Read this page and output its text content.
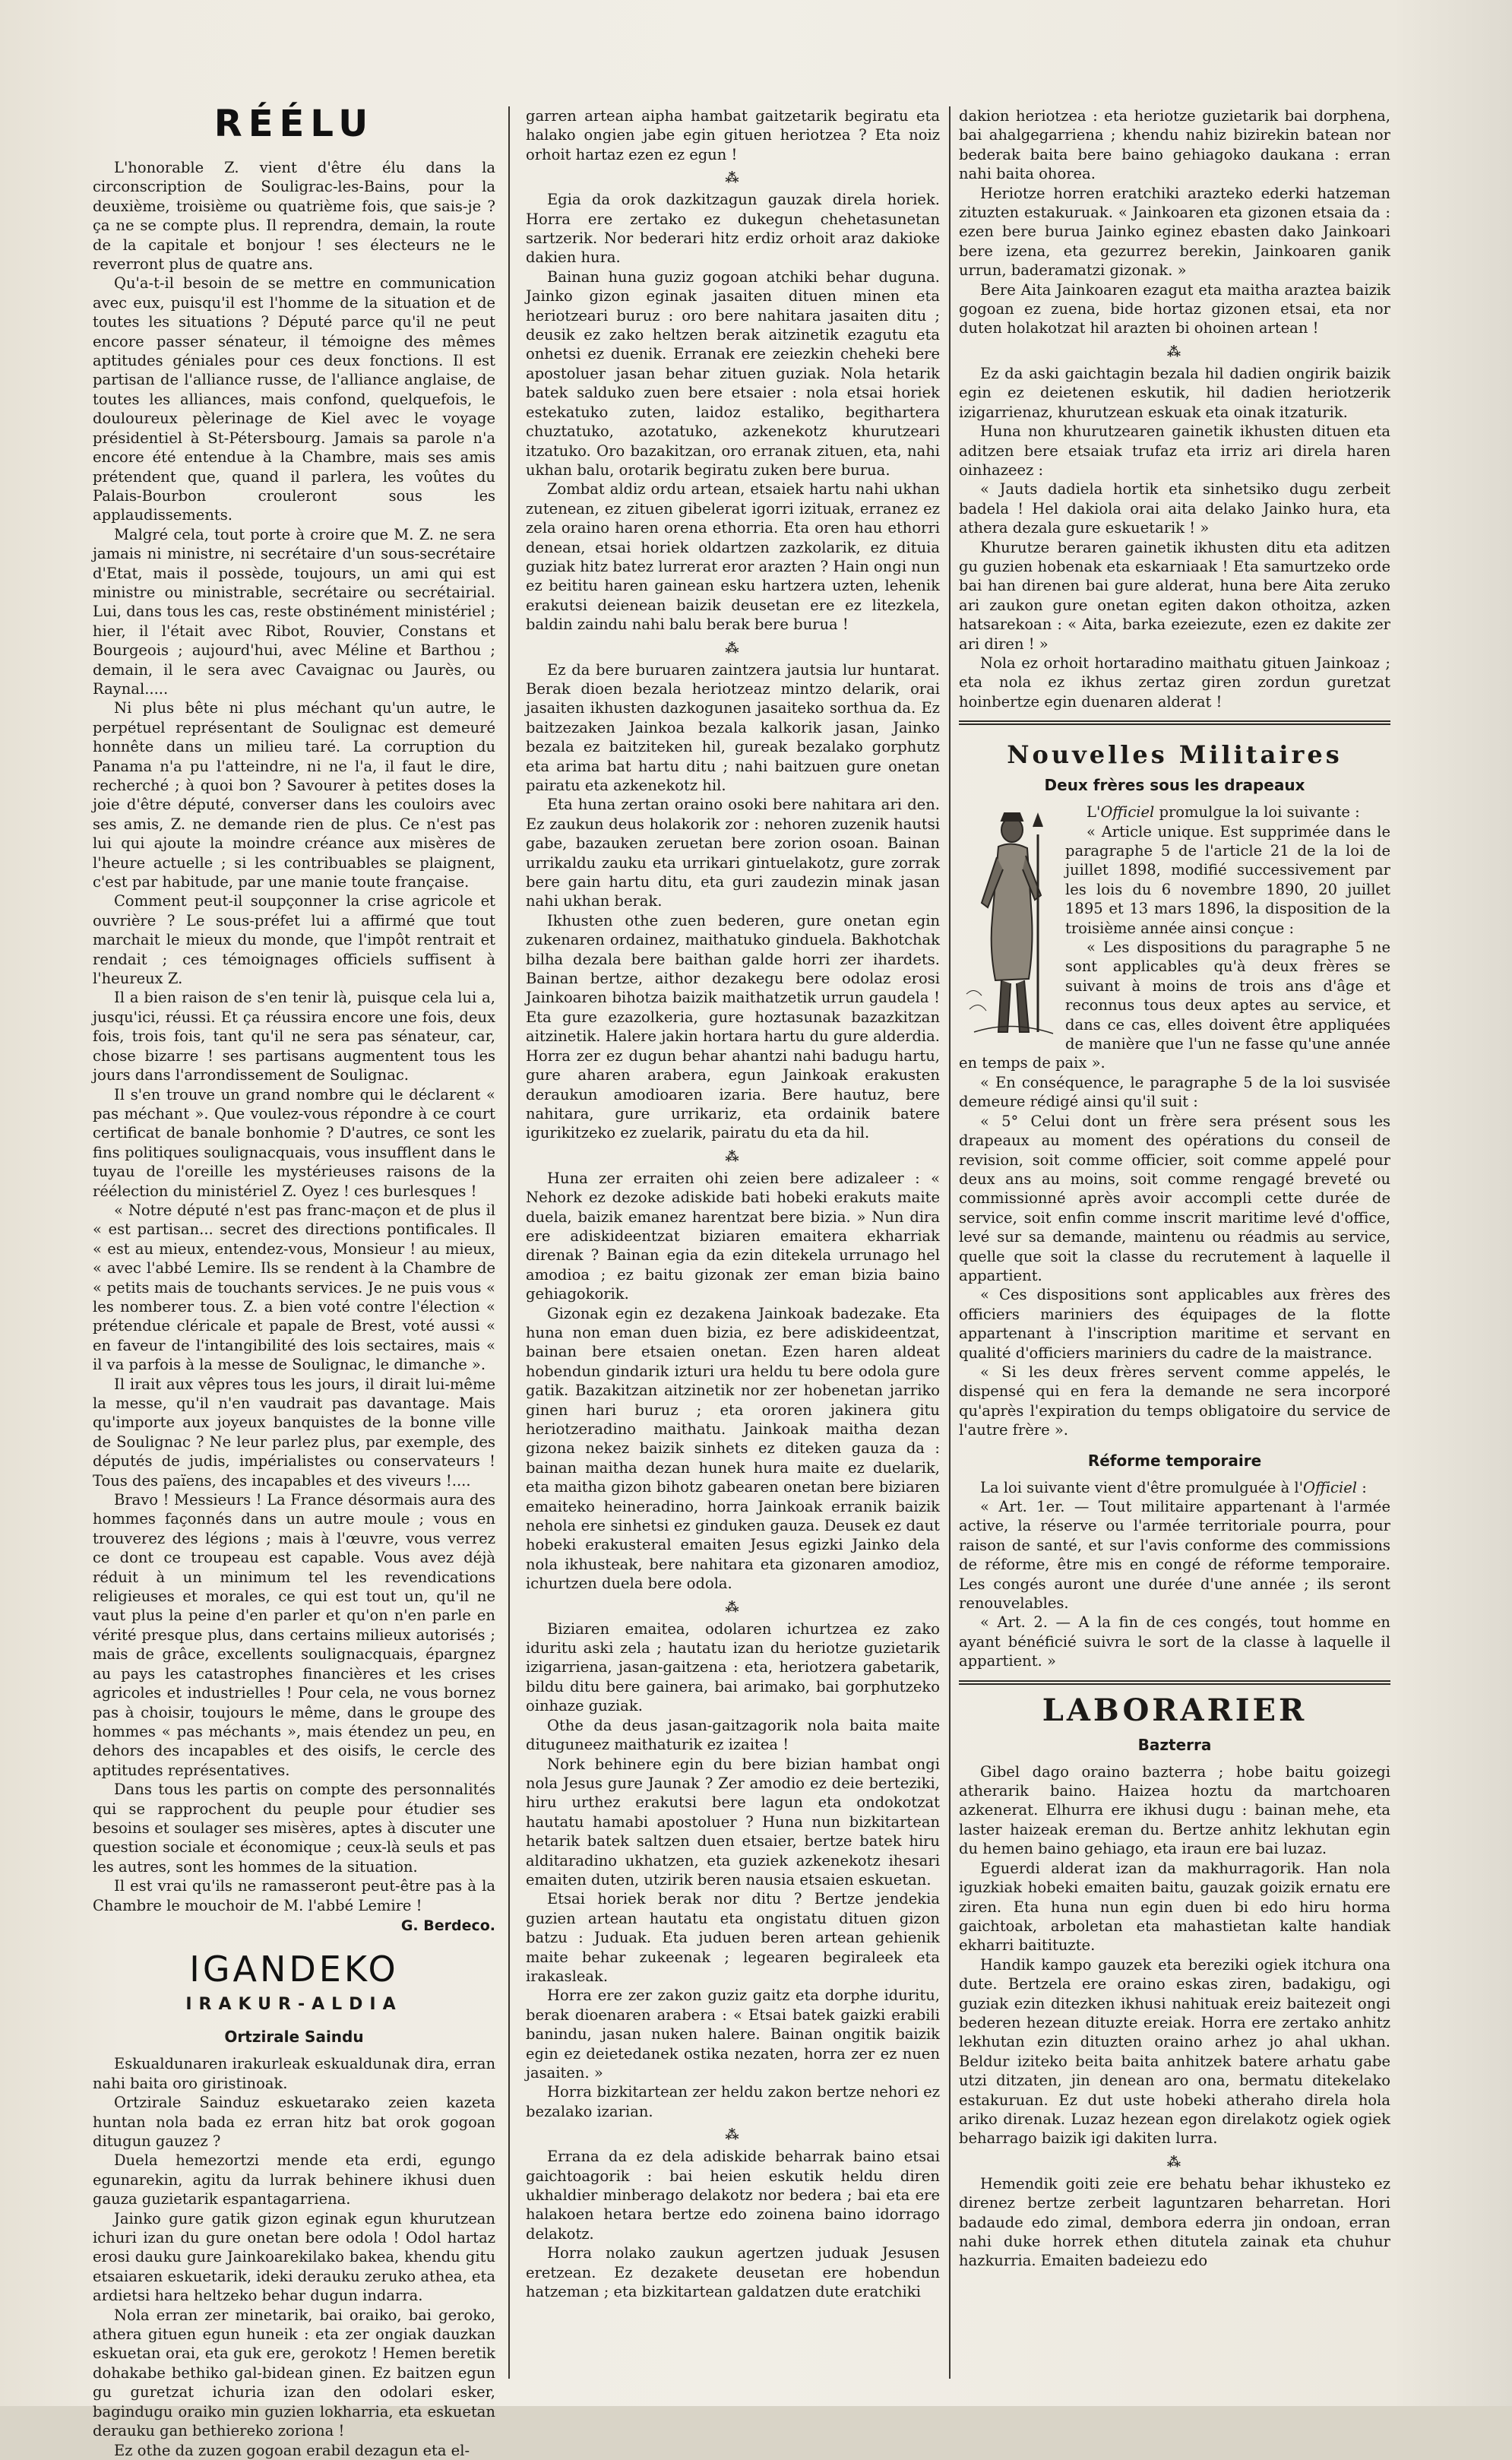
RÉÉLU

L'honorable Z. vient d'être élu dans la circonscription de Souligrac-les-Bains, pour la deuxième, troisième ou quatrième fois, que sais-je ? ça ne se compte plus. Il reprendra, demain, la route de la capitale et bonjour ! ses électeurs ne le reverront plus de quatre ans.

Qu'a-t-il besoin de se mettre en communication avec eux, puisqu'il est l'homme de la situation et de toutes les situations ? Député parce qu'il ne peut encore passer sénateur, il témoigne des mêmes aptitudes géniales pour ces deux fonctions. Il est partisan de l'alliance russe, de l'alliance anglaise, de toutes les alliances, mais confond, quelquefois, le douloureux pèlerinage de Kiel avec le voyage présidentiel à St-Pétersbourg. Jamais sa parole n'a encore été entendue à la Chambre, mais ses amis prétendent que, quand il parlera, les voûtes du Palais-Bourbon crouleront sous les applaudissements.

Malgré cela, tout porte à croire que M. Z. ne sera jamais ni ministre, ni secrétaire d'un sous-secrétaire d'Etat, mais il possède, toujours, un ami qui est ministre ou ministrable, secrétaire ou secrétairial. Lui, dans tous les cas, reste obstinément ministériel ; hier, il l'était avec Ribot, Rouvier, Constans et Bourgeois ; aujourd'hui, avec Méline et Barthou ; demain, il le sera avec Cavaignac ou Jaurès, ou Raynal.....

Ni plus bête ni plus méchant qu'un autre, le perpétuel représentant de Soulignac est demeuré honnête dans un milieu taré. La corruption du Panama n'a pu l'atteindre, ni ne l'a, il faut le dire, recherché ; à quoi bon ? Savourer à petites doses la joie d'être député, converser dans les couloirs avec ses amis, Z. ne demande rien de plus. Ce n'est pas lui qui ajoute la moindre créance aux misères de l'heure actuelle ; si les contribuables se plaignent, c'est par habitude, par une manie toute française.

Comment peut-il soupçonner la crise agricole et ouvrière ? Le sous-préfet lui a affirmé que tout marchait le mieux du monde, que l'impôt rentrait et rendait ; ces témoignages officiels suffisent à l'heureux Z.

Il a bien raison de s'en tenir là, puisque cela lui a, jusqu'ici, réussi. Et ça réussira encore une fois, deux fois, trois fois, tant qu'il ne sera pas sénateur, car, chose bizarre ! ses partisans augmentent tous les jours dans l'arrondissement de Soulignac.

Il s'en trouve un grand nombre qui le déclarent « pas méchant ». Que voulez-vous répondre à ce court certificat de banale bonhomie ? D'autres, ce sont les fins politiques soulignacquais, vous insufflent dans le tuyau de l'oreille les mystérieuses raisons de la réélection du ministériel Z. Oyez ! ces burlesques !

« Notre député n'est pas franc-maçon et de plus il « est partisan... secret des directions pontificales. Il « est au mieux, entendez-vous, Monsieur ! au mieux, « avec l'abbé Lemire. Ils se rendent à la Chambre de « petits mais de touchants services. Je ne puis vous « les nomberer tous. Z. a bien voté contre l'élection « prétendue cléricale et papale de Brest, voté aussi « en faveur de l'intangibilité des lois sectaires, mais « il va parfois à la messe de Soulignac, le dimanche ».

Il irait aux vêpres tous les jours, il dirait lui-même la messe, qu'il n'en vaudrait pas davantage. Mais qu'importe aux joyeux banquistes de la bonne ville de Soulignac ? Ne leur parlez plus, par exemple, des députés de judis, impérialistes ou conservateurs ! Tous des païens, des incapables et des viveurs !....

Bravo ! Messieurs ! La France désormais aura des hommes façonnés dans un autre moule ; vous en trouverez des légions ; mais à l'œuvre, vous verrez ce dont ce troupeau est capable. Vous avez déjà réduit à un minimum tel les revendications religieuses et morales, ce qui est tout un, qu'il ne vaut plus la peine d'en parler et qu'on n'en parle en vérité presque plus, dans certains milieux autorisés ; mais de grâce, excellents soulignacquais, épargnez au pays les catastrophes financières et les crises agricoles et industrielles ! Pour cela, ne vous bornez pas à choisir, toujours le même, dans le groupe des hommes « pas méchants », mais étendez un peu, en dehors des incapables et des oisifs, le cercle des aptitudes représentatives.

Dans tous les partis on compte des personnalités qui se rapprochent du peuple pour étudier ses besoins et soulager ses misères, aptes à discuter une question sociale et économique ; ceux-là seuls et pas les autres, sont les hommes de la situation.

Il est vrai qu'ils ne ramasseront peut-être pas à la Chambre le mouchoir de M. l'abbé Lemire !

G. Berdeco.
IGANDEKO
IRAKUR-ALDIA
Ortzirale Saindu

Eskualdunaren irakurleak eskualdunak dira, erran nahi baita oro giristinoak.

Ortzirale Sainduz eskuetarako zeien kazeta huntan nola bada ez erran hitz bat orok gogoan ditugun gauzez ?

Duela hemezortzi mende eta erdi, egungo egunarekin, agitu da lurrak behinere ikhusi duen gauza guzietarik espantagarriena.

Jainko gure gatik gizon eginak egun khurutzean ichuri izan du gure onetan bere odola ! Odol hartaz erosi dauku gure Jainkoarekilako bakea, khendu gitu etsaiaren eskuetarik, ideki derauku zeruko athea, eta ardietsi hara heltzeko behar dugun indarra.

Nola erran zer minetarik, bai oraiko, bai geroko, athera gituen egun huneik : eta zer ongiak dauzkan eskuetan orai, eta guk ere, gerokotz ! Hemen beretik dohakabe bethiko gal-bidean ginen. Ez baitzen egun gu guretzat ichuria izan den odolari esker, bagindugu oraiko min guzien lokharria, eta eskuetan derauku gan bethiereko zoriona !

Ez othe da zuzen gogoan erabil dezagun eta el-

garren artean aipha hambat gaitzetarik begiratu eta halako ongien jabe egin gituen heriotzea ? Eta noiz orhoit hartaz ezen ez egun !

⁂

Egia da orok dazkitzagun gauzak direla horiek. Horra ere zertako ez dukegun chehetasunetan sartzerik. Nor bederari hitz erdiz orhoit araz dakioke dakien hura.

Bainan huna guziz gogoan atchiki behar duguna. Jainko gizon eginak jasaiten dituen minen eta heriotzeari buruz : oro bere nahitara jasaiten ditu ; deusik ez zako heltzen berak aitzinetik ezagutu eta onhetsi ez duenik. Erranak ere zeiezkin cheheki bere apostoluer jasan behar zituen guziak. Nola hetarik batek salduko zuen bere etsaier : nola etsai horiek estekatuko zuten, laidoz estaliko, begithartera chuztatuko, azotatuko, azkenekotz khurutzeari itzatuko. Oro bazakitzan, oro erranak zituen, eta, nahi ukhan balu, orotarik begiratu zuken bere burua.

Zombat aldiz ordu artean, etsaiek hartu nahi ukhan zutenean, ez zituen gibelerat igorri izituak, erranez ez zela oraino haren orena ethorria. Eta oren hau ethorri denean, etsai horiek oldartzen zazkolarik, ez dituia guziak hitz batez lurrerat eror arazten ? Hain ongi nun ez beititu haren gainean esku hartzera uzten, lehenik erakutsi deienean baizik deusetan ere ez litezkela, baldin zaindu nahi balu berak bere burua !

⁂

Ez da bere buruaren zaintzera jautsia lur huntarat. Berak dioen bezala heriotzeaz mintzo delarik, orai jasaiten ikhusten dazkogunen jasaiteko sorthua da. Ez baitzezaken Jainkoa bezala kalkorik jasan, Jainko bezala ez baitziteken hil, gureak bezalako gorphutz eta arima bat hartu ditu ; nahi baitzuen gure onetan pairatu eta azkenekotz hil.

Eta huna zertan oraino osoki bere nahitara ari den. Ez zaukun deus holakorik zor : nehoren zuzenik hautsi gabe, bazauken zeruetan bere zorion osoan. Bainan urrikaldu zauku eta urrikari gintuelakotz, gure zorrak bere gain hartu ditu, eta guri zaudezin minak jasan nahi ukhan berak.

Ikhusten othe zuen bederen, gure onetan egin zukenaren ordainez, maithatuko ginduela. Bakhotchak bilha dezala bere baithan galde horri zer ihardets. Bainan bertze, aithor dezakegu bere odolaz erosi Jainkoaren bihotza baizik maithatzetik urrun gaudela ! Eta gure ezazolkeria, gure hoztasunak bazazkitzan aitzinetik. Halere jakin hortara hartu du gure alderdia. Horra zer ez dugun behar ahantzi nahi badugu hartu, gure aharen arabera, egun Jainkoak erakusten deraukun amodioaren izaria. Bere hautuz, bere nahitara, gure urrikariz, eta ordainik batere igurikitzeko ez zuelarik, pairatu du eta da hil.

⁂

Huna zer erraiten ohi zeien bere adizaleer : « Nehork ez dezoke adiskide bati hobeki erakuts maite duela, baizik emanez harentzat bere bizia. » Nun dira ere adiskideentzat biziaren emaitera ekharriak direnak ? Bainan egia da ezin ditekela urrunago hel amodioa ; ez baitu gizonak zer eman bizia baino gehiagokorik.

Gizonak egin ez dezakena Jainkoak badezake. Eta huna non eman duen bizia, ez bere adiskideentzat, bainan bere etsaien onetan. Ezen haren aldeat hobendun gindarik izturi ura heldu tu bere odola gure gatik. Bazakitzan aitzinetik nor zer hobenetan jarriko ginen hari buruz ; eta ororen jakinera gitu heriotzeradino maithatu. Jainkoak maitha dezan gizona nekez baizik sinhets ez diteken gauza da : bainan maitha dezan hunek hura maite ez duelarik, eta maitha gizon bihotz gabearen onetan bere biziaren emaiteko heineradino, horra Jainkoak erranik baizik nehola ere sinhetsi ez ginduken gauza. Deusek ez daut hobeki erakusteral emaiten Jesus egizki Jainko dela nola ikhusteak, bere nahitara eta gizonaren amodioz, ichurtzen duela bere odola.

⁂

Biziaren emaitea, odolaren ichurtzea ez zako iduritu aski zela ; hautatu izan du heriotze guzietarik izigarriena, jasan-gaitzena : eta, heriotzera gabetarik, bildu ditu bere gainera, bai arimako, bai gorphutzeko oinhaze guziak.

Othe da deus jasan-gaitzagorik nola baita maite dituguneez maithaturik ez izaitea !

Nork behinere egin du bere bizian hambat ongi nola Jesus gure Jaunak ? Zer amodio ez deie berteziki, hiru urthez erakutsi bere lagun eta ondokotzat hautatu hamabi apostoluer ? Huna nun bizkitartean hetarik batek saltzen duen etsaier, bertze batek hiru alditaradino ukhatzen, eta guziek azkenekotz ihesari emaiten duten, utzirik beren nausia etsaien eskuetan.

Etsai horiek berak nor ditu ? Bertze jendekia guzien artean hautatu eta ongistatu dituen gizon batzu : Juduak. Eta juduen beren artean gehienik maite behar zukeenak ; legearen begiraleek eta irakasleak.

Horra ere zer zakon guziz gaitz eta dorphe iduritu, berak dioenaren arabera : « Etsai batek gaizki erabili banindu, jasan nuken halere. Bainan ongitik baizik egin ez deietedanek ostika nezaten, horra zer ez nuen jasaiten. »

Horra bizkitartean zer heldu zakon bertze nehori ez bezalako izarian.

⁂

Errana da ez dela adiskide beharrak baino etsai gaichtoagorik : bai heien eskutik heldu diren ukhaldier minberago delakotz nor bedera ; bai eta ere halakoen hetara bertze edo zoinena baino idorrago delakotz.

Horra nolako zaukun agertzen juduak Jesusen eretzean. Ez dezakete deusetan ere hobendun hatzeman ; eta bizkitartean galdatzen dute eratchiki

dakion heriotzea : eta heriotze guzietarik bai dorphena, bai ahalgegarriena ; khendu nahiz bizirekin batean nor bederak baita bere baino gehiagoko daukana : erran nahi baita ohorea.

Heriotze horren eratchiki arazteko ederki hatzeman zituzten estakuruak. « Jainkoaren eta gizonen etsaia da : ezen bere burua Jainko eginez ebasten dako Jainkoari bere izena, eta gezurrez berekin, Jainkoaren ganik urrun, baderamatzi gizonak. »

Bere Aita Jainkoaren ezagut eta maitha araztea baizik gogoan ez zuena, bide hortaz gizonen etsai, eta nor duten holakotzat hil arazten bi ohoinen artean !

⁂

Ez da aski gaichtagin bezala hil dadien ongirik baizik egin ez deietenen eskutik, hil dadien heriotzerik izigarrienaz, khurutzean eskuak eta oinak itzaturik.

Huna non khurutzearen gainetik ikhusten dituen eta aditzen bere etsaiak trufaz eta irriz ari direla haren oinhazeez :

« Jauts dadiela hortik eta sinhetsiko dugu zerbeit badela ! Hel dakiola orai aita delako Jainko hura, eta athera dezala gure eskuetarik ! »

Khurutze beraren gainetik ikhusten ditu eta aditzen gu guzien hobenak eta eskarniaak ! Eta samurtzeko orde bai han direnen bai gure alderat, huna bere Aita zeruko ari zaukon gure onetan egiten dakon othoitza, azken hatsarekoan : « Aita, barka ezeiezute, ezen ez dakite zer ari diren ! »

Nola ez orhoit hortaradino maithatu gituen Jainkoaz ; eta nola ez ikhus zertaz giren zordun guretzat hoinbertze egin duenaren alderat !

Nouvelles Militaires
Deux frères sous les drapeaux

L'Officiel promulgue la loi suivante :

« Article unique. Est supprimée dans le paragraphe 5 de l'article 21 de la loi de juillet 1898, modifié successivement par les lois du 6 novembre 1890, 20 juillet 1895 et 13 mars 1896, la disposition de la troisième année ainsi conçue :

« Les dispositions du paragraphe 5 ne sont applicables qu'à deux frères se suivant à moins de trois ans d'âge et reconnus tous deux aptes au service, et dans ce cas, elles doivent être appliquées de manière que l'un ne fasse qu'une année en temps de paix ».

« En conséquence, le paragraphe 5 de la loi susvisée demeure rédigé ainsi qu'il suit :

« 5° Celui dont un frère sera présent sous les drapeaux au moment des opérations du conseil de revision, soit comme officier, soit comme appelé pour deux ans au moins, soit comme rengagé breveté ou commissionné après avoir accompli cette durée de service, soit enfin comme inscrit maritime levé d'office, levé sur sa demande, maintenu ou réadmis au service, quelle que soit la classe du recrutement à laquelle il appartient.

« Ces dispositions sont applicables aux frères des officiers mariniers des équipages de la flotte appartenant à l'inscription maritime et servant en qualité d'officiers mariniers du cadre de la maistrance.

« Si les deux frères servent comme appelés, le dispensé qui en fera la demande ne sera incorporé qu'après l'expiration du temps obligatoire du service de l'autre frère ».

Réforme temporaire

La loi suivante vient d'être promulguée à l'Officiel :

« Art. 1er. — Tout militaire appartenant à l'armée active, la réserve ou l'armée territoriale pourra, pour raison de santé, et sur l'avis conforme des commissions de réforme, être mis en congé de réforme temporaire. Les congés auront une durée d'une année ; ils seront renouvelables.

« Art. 2. — A la fin de ces congés, tout homme en ayant bénéficié suivra le sort de la classe à laquelle il appartient. »

LABORARIER
Bazterra

Gibel dago oraino bazterra ; hobe baitu goizegi atherarik baino. Haizea hoztu da martchoaren azkenerat. Elhurra ere ikhusi dugu : bainan mehe, eta laster haizeak ereman du. Bertze anhitz lekhutan egin du hemen baino gehiago, eta iraun ere bai luzaz.

Eguerdi alderat izan da makhurragorik. Han nola iguzkiak hobeki emaiten baitu, gauzak goizik ernatu ere ziren. Eta huna nun egin duen bi edo hiru horma gaichtoak, arboletan eta mahastietan kalte handiak ekharri baitituzte.

Handik kampo gauzek eta bereziki ogiek itchura ona dute. Bertzela ere oraino eskas ziren, badakigu, ogi guziak ezin ditezken ikhusi nahituak ereiz baitezeit ongi bederen hezean dituzte ereiak. Horra ere zertako anhitz lekhutan ezin dituzten oraino arhez jo ahal ukhan. Beldur iziteko beita baita anhitzek batere arhatu gabe utzi ditzaten, jin denean aro ona, bermatu ditekelako estakuruan. Ez dut uste hobeki atheraho direla hola ariko direnak. Luzaz hezean egon direlakotz ogiek ogiek beharrago baizik igi dakiten lurra.

⁂

Hemendik goiti zeie ere behatu behar ikhusteko ez direnez bertze zerbeit laguntzaren beharretan. Hori badaude edo zimal, dembora ederra jin ondoan, erran nahi duke horrek ethen ditutela zainak eta chuhur hazkurria. Emaiten badeiezu edo
